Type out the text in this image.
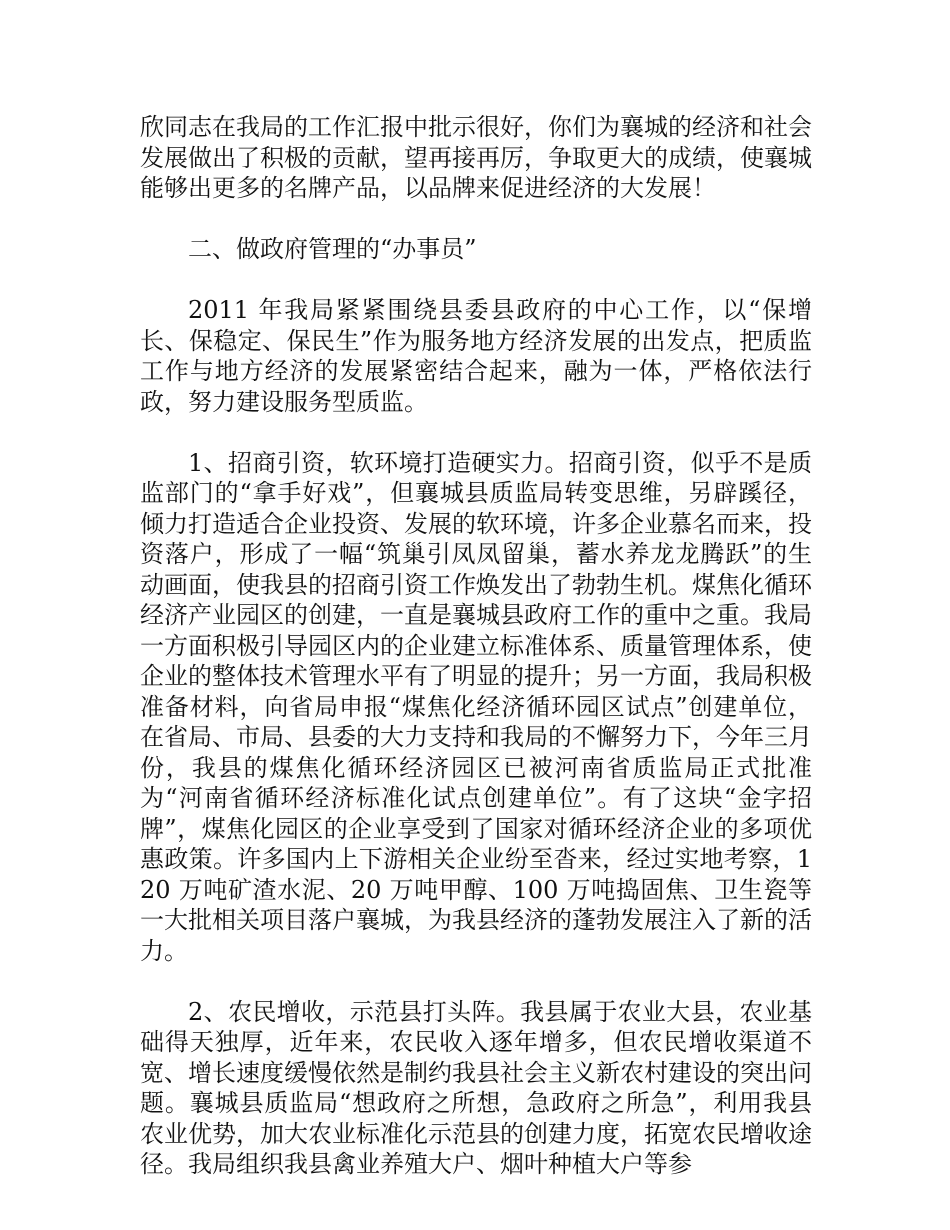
欣同志在我局的工作汇报中批示很好，你们为襄城的经济和社会发展做出了积极的贡献，望再接再厉，争取更大的成绩，使襄城能够出更多的名牌产品，以品牌来促进经济的大发展！

二、做政府管理的“办事员”

2011 年我局紧紧围绕县委县政府的中心工作，以“保增长、保稳定、保民生”作为服务地方经济发展的出发点，把质监工作与地方经济的发展紧密结合起来，融为一体，严格依法行政，努力建设服务型质监。

1、招商引资，软环境打造硬实力。招商引资，似乎不是质监部门的“拿手好戏”，但襄城县质监局转变思维，另辟蹊径，倾力打造适合企业投资、发展的软环境，许多企业慕名而来，投资落户，形成了一幅“筑巢引凤凤留巢，蓄水养龙龙腾跃”的生动画面，使我县的招商引资工作焕发出了勃勃生机。煤焦化循环经济产业园区的创建，一直是襄城县政府工作的重中之重。我局一方面积极引导园区内的企业建立标准体系、质量管理体系，使企业的整体技术管理水平有了明显的提升；另一方面，我局积极准备材料，向省局申报“煤焦化经济循环园区试点”创建单位，在省局、市局、县委的大力支持和我局的不懈努力下，今年三月份，我县的煤焦化循环经济园区已被河南省质监局正式批准为“河南省循环经济标准化试点创建单位”。有了这块“金字招牌”，煤焦化园区的企业享受到了国家对循环经济企业的多项优惠政策。许多国内上下游相关企业纷至沓来，经过实地考察，120 万吨矿渣水泥、20 万吨甲醇、100 万吨捣固焦、卫生瓷等一大批相关项目落户襄城，为我县经济的蓬勃发展注入了新的活力。

2、农民增收，示范县打头阵。我县属于农业大县，农业基础得天独厚，近年来，农民收入逐年增多，但农民增收渠道不宽、增长速度缓慢依然是制约我县社会主义新农村建设的突出问题。襄城县质监局“想政府之所想，急政府之所急”，利用我县农业优势，加大农业标准化示范县的创建力度，拓宽农民增收途径。我局组织我县禽业养殖大户、烟叶种植大户等参
